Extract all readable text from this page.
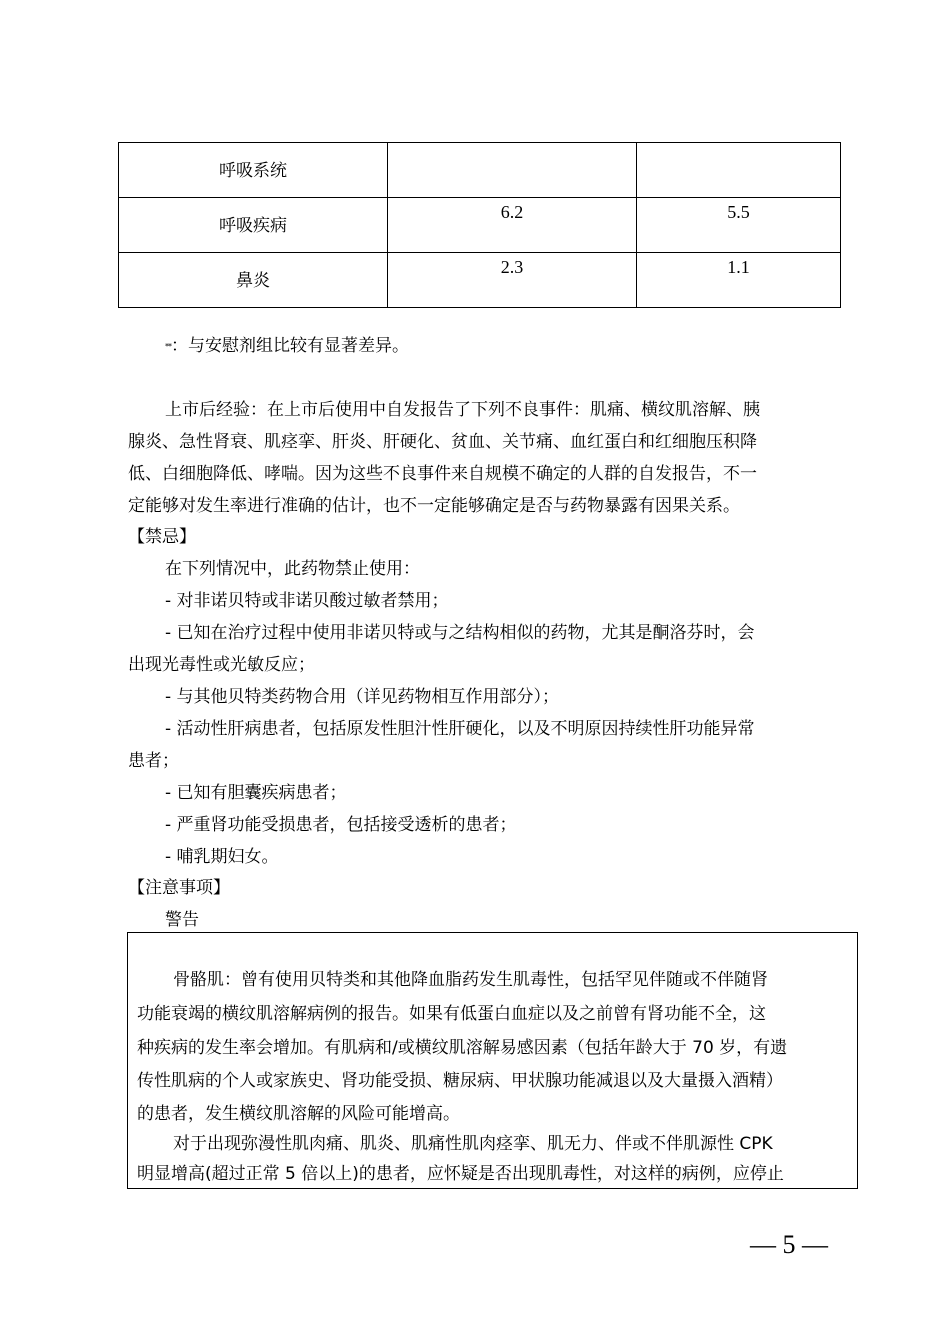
呼吸系统		
呼吸疾病	6.2	5.5
鼻炎	2.3	1.1
**：与安慰剂组比较有显著差异。
上市后经验：在上市后使用中自发报告了下列不良事件：肌痛、横纹肌溶解、胰
腺炎、急性肾衰、肌痉挛、肝炎、肝硬化、贫血、关节痛、血红蛋白和红细胞压积降
低、白细胞降低、哮喘。因为这些不良事件来自规模不确定的人群的自发报告，不一
定能够对发生率进行准确的估计，也不一定能够确定是否与药物暴露有因果关系。
【禁忌】
在下列情况中，此药物禁止使用：
- 对非诺贝特或非诺贝酸过敏者禁用；
- 已知在治疗过程中使用非诺贝特或与之结构相似的药物，尤其是酮洛芬时，会
出现光毒性或光敏反应；
- 与其他贝特类药物合用（详见药物相互作用部分）；
- 活动性肝病患者，包括原发性胆汁性肝硬化，以及不明原因持续性肝功能异常
患者；
- 已知有胆囊疾病患者；
- 严重肾功能受损患者，包括接受透析的患者；
- 哺乳期妇女。
【注意事项】
警告
骨骼肌：曾有使用贝特类和其他降血脂药发生肌毒性，包括罕见伴随或不伴随肾
功能衰竭的横纹肌溶解病例的报告。如果有低蛋白血症以及之前曾有肾功能不全，这
种疾病的发生率会增加。有肌病和/或横纹肌溶解易感因素（包括年龄大于 70 岁，有遗
传性肌病的个人或家族史、肾功能受损、糖尿病、甲状腺功能减退以及大量摄入酒精）
的患者，发生横纹肌溶解的风险可能增高。
对于出现弥漫性肌肉痛、肌炎、肌痛性肌肉痉挛、肌无力、伴或不伴肌源性 CPK
明显增高(超过正常 5 倍以上)的患者，应怀疑是否出现肌毒性，对这样的病例，应停止
— 5 —
